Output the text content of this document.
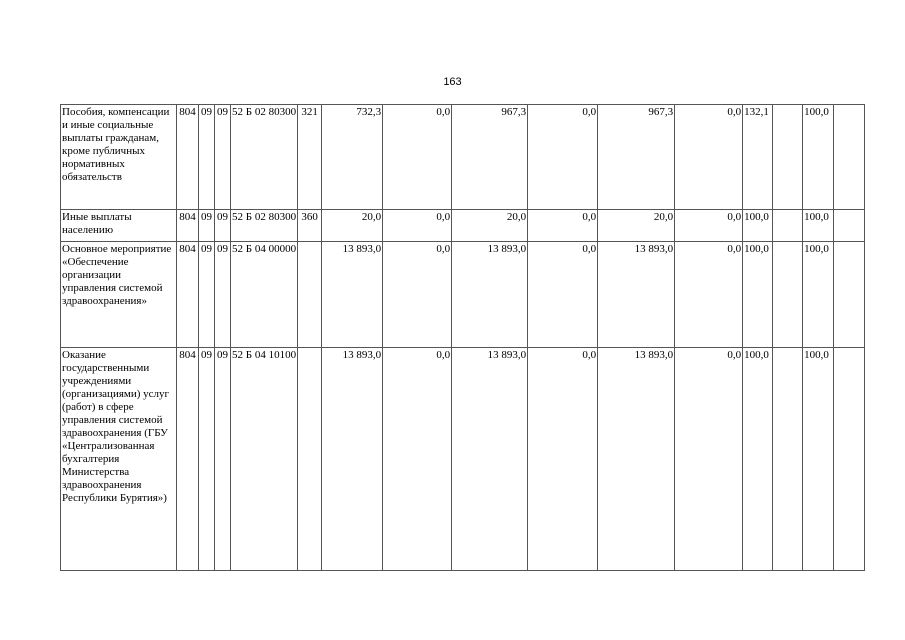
163
Пособия, компенсации и иные социальные выплаты гражданам, кроме публичных нормативных обязательств	804	09	09	52 Б 02 80300	321	732,3	0,0	967,3	0,0	967,3	0,0	132,1		100,0	
Иные выплаты населению	804	09	09	52 Б 02 80300	360	20,0	0,0	20,0	0,0	20,0	0,0	100,0		100,0	
Основное мероприятие «Обеспечение организации управления системой здравоохранения»	804	09	09	52 Б 04 00000		13 893,0	0,0	13 893,0	0,0	13 893,0	0,0	100,0		100,0	
Оказание государственными учреждениями (организациями) услуг (работ) в сфере управления системой здравоохранения (ГБУ «Централизованная бухгалтерия Министерства здравоохранения Республики Бурятия»)	804	09	09	52 Б 04 10100		13 893,0	0,0	13 893,0	0,0	13 893,0	0,0	100,0		100,0	
